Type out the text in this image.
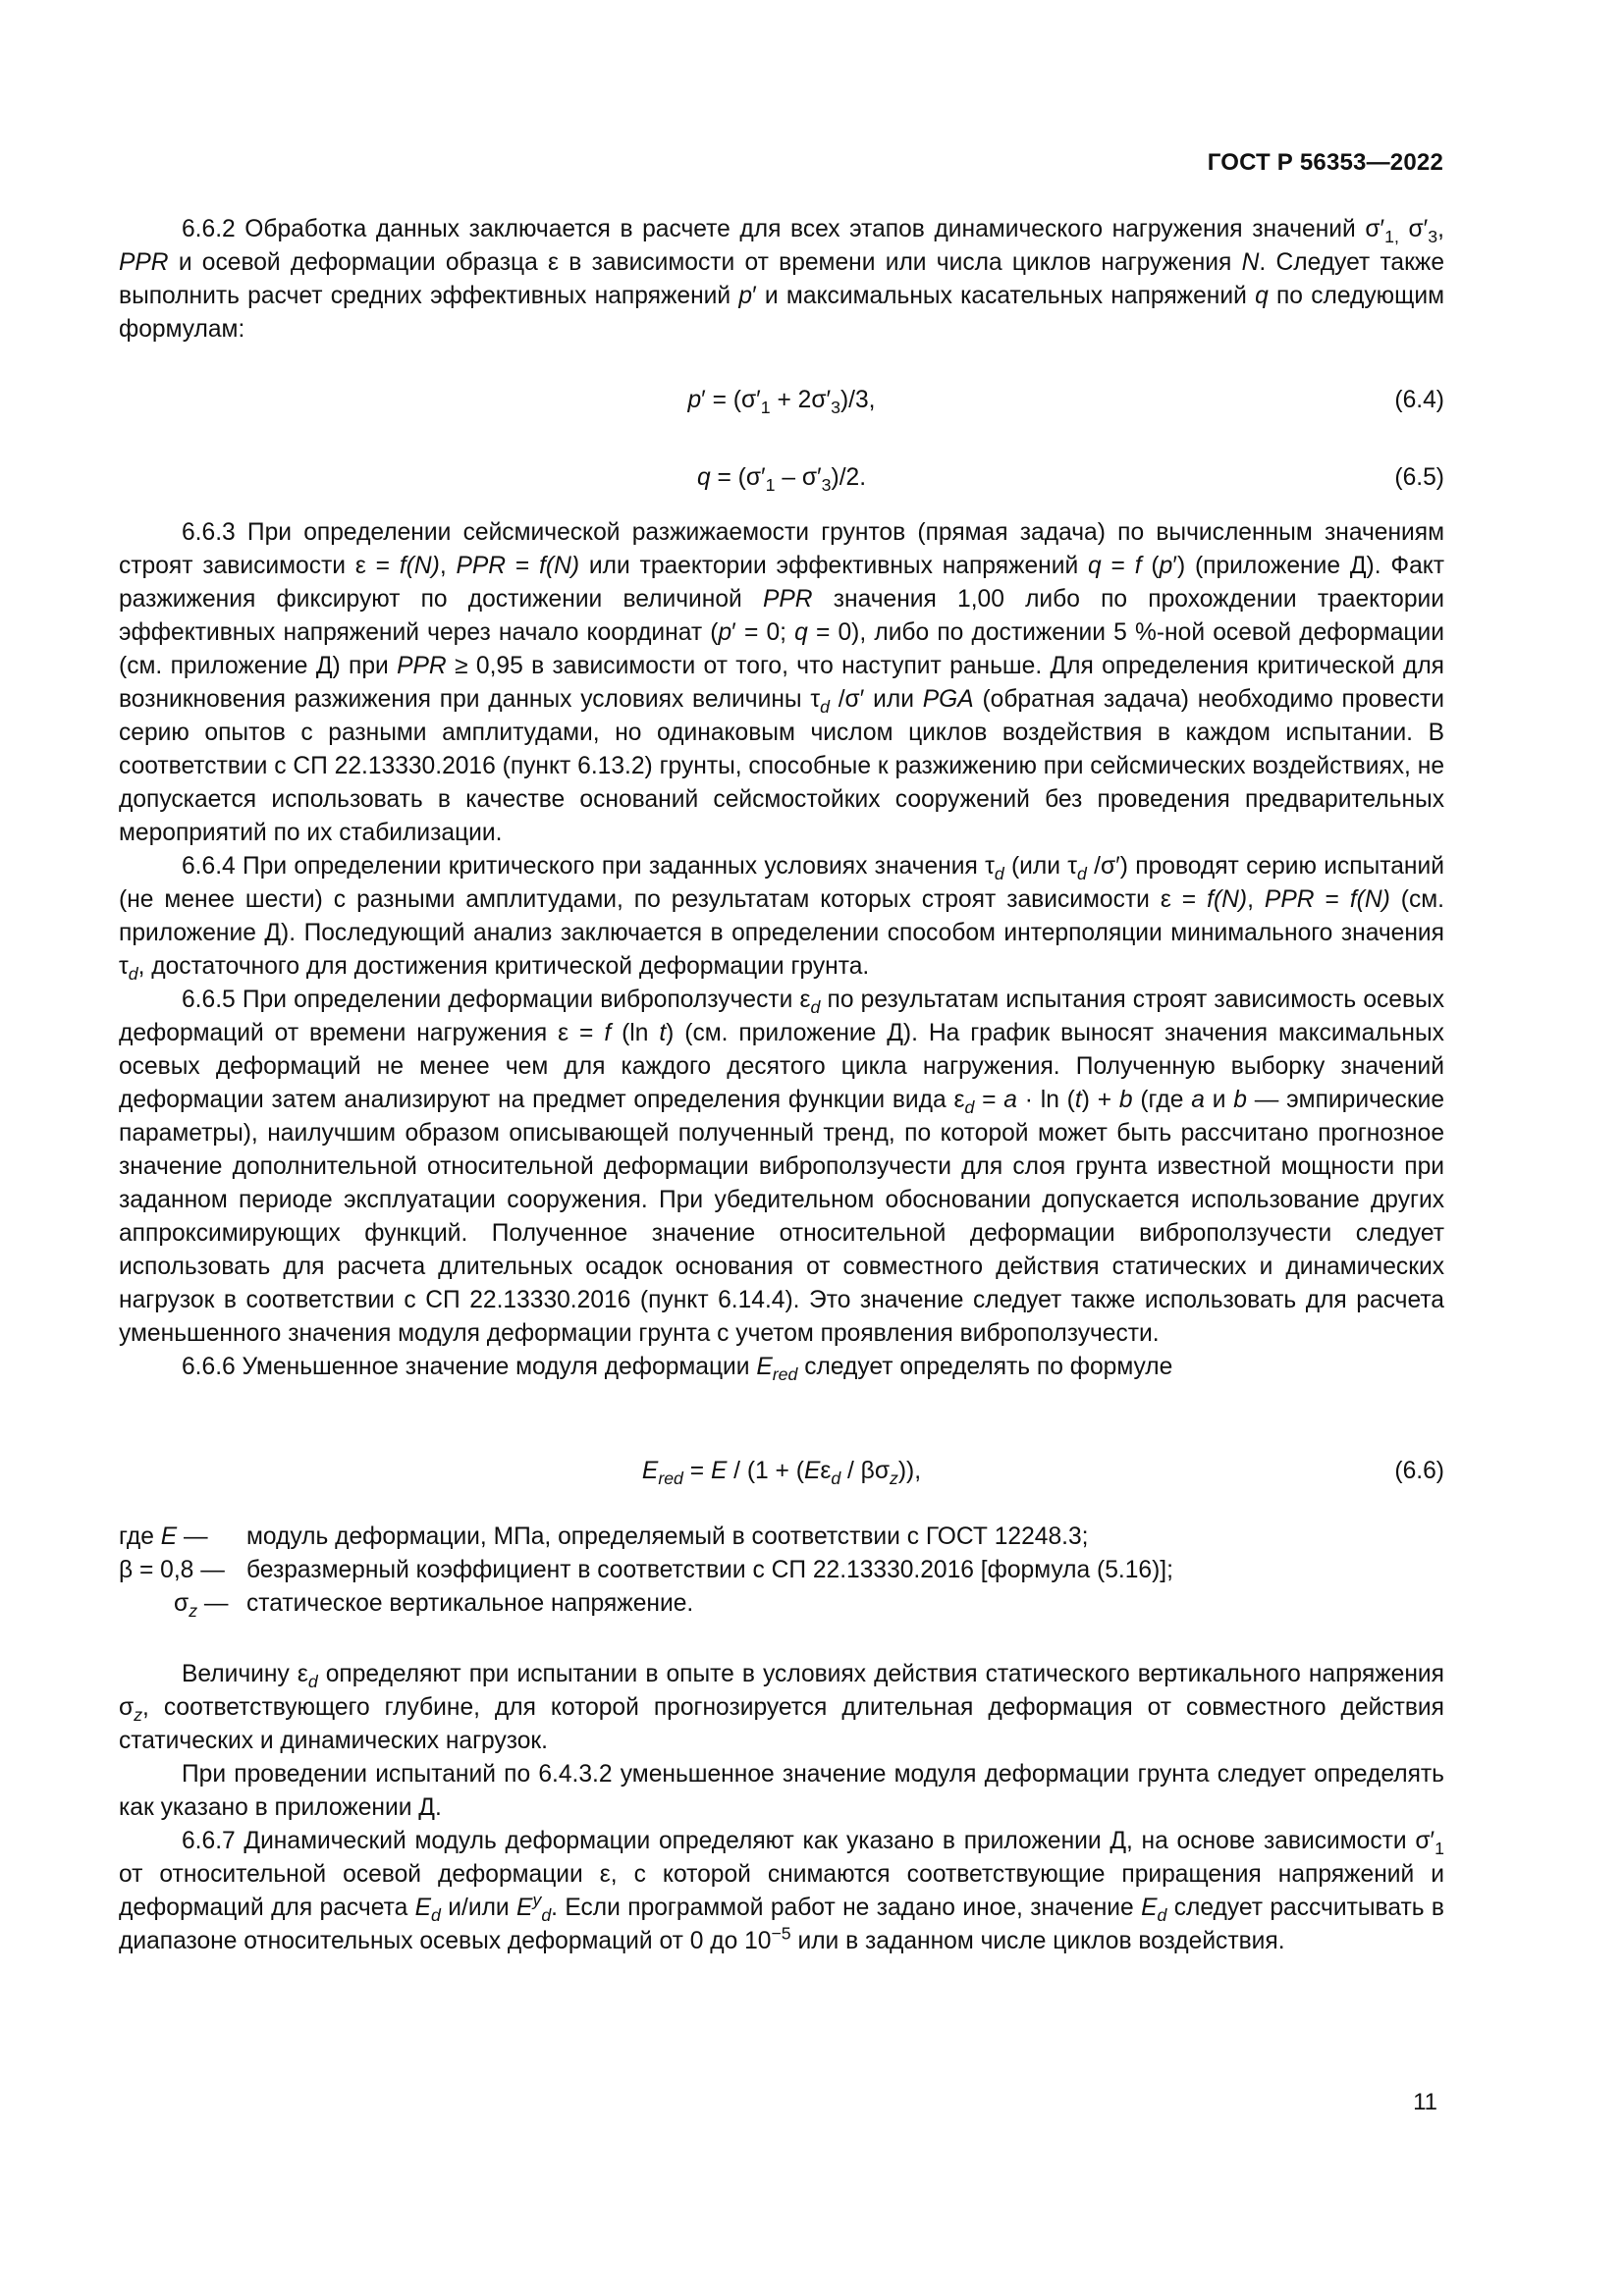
ГОСТ Р 56353—2022

6.6.2 Обработка данных заключается в расчете для всех этапов динамического нагружения значений $\sigma'_{1,}$ $\sigma'_3$, PPR и осевой деформации образца ε в зависимости от времени или числа циклов нагружения N. Следует также выполнить расчет средних эффективных напряжений p′ и максимальных касательных напряжений q по следующим формулам:

$p' = (\sigma'_1 + 2\sigma'_3)/3$,	(6.4)
$q = (\sigma'_1 - \sigma'_3)/2$.	(6.5)

6.6.3 При определении сейсмической разжижаемости грунтов (прямая задача) по вычисленным значениям строят зависимости ε = f(N), PPR = f(N) или траектории эффективных напряжений q = f (p′) (приложение Д). Факт разжижения фиксируют по достижении величиной PPR значения 1,00 либо по прохождении траектории эффективных напряжений через начало координат (p′ = 0; q = 0), либо по достижении 5 %-ной осевой деформации (см. приложение Д) при PPR ≥ 0,95 в зависимости от того, что наступит раньше. Для определения критической для возникновения разжижения при данных условиях величины $\tau_d$ /σ′ или PGA (обратная задача) необходимо провести серию опытов с разными амплитудами, но одинаковым числом циклов воздействия в каждом испытании. В соответствии с СП 22.13330.2016 (пункт 6.13.2) грунты, способные к разжижению при сейсмических воздействиях, не допускается использовать в качестве оснований сейсмостойких сооружений без проведения предварительных мероприятий по их стабилизации.

6.6.4 При определении критического при заданных условиях значения $\tau_d$ (или $\tau_d$ /σ′) проводят серию испытаний (не менее шести) с разными амплитудами, по результатам которых строят зависимости ε = f(N), PPR = f(N) (см. приложение Д). Последующий анализ заключается в определении способом интерполяции минимального значения $\tau_d$, достаточного для достижения критической деформации грунта.

6.6.5 При определении деформации виброползучести $\varepsilon_d$ по результатам испытания строят зависимость осевых деформаций от времени нагружения ε = f (ln t) (см. приложение Д). На график выносят значения максимальных осевых деформаций не менее чем для каждого десятого цикла нагружения. Полученную выборку значений деформации затем анализируют на предмет определения функции вида $\varepsilon_d = a \cdot \ln (t) + b$ (где a и b — эмпирические параметры), наилучшим образом описывающей полученный тренд, по которой может быть рассчитано прогнозное значение дополнительной относительной деформации виброползучести для слоя грунта известной мощности при заданном периоде эксплуатации сооружения. При убедительном обосновании допускается использование других аппроксимирующих функций. Полученное значение относительной деформации виброползучести следует использовать для расчета длительных осадок основания от совместного действия статических и динамических нагрузок в соответствии с СП 22.13330.2016 (пункт 6.14.4). Это значение следует также использовать для расчета уменьшенного значения модуля деформации грунта с учетом проявления виброползучести.

6.6.6 Уменьшенное значение модуля деформации $E_{red}$ следует определять по формуле

$E_{red} = E / (1 + (E\varepsilon_d / \beta\sigma_z))$,	(6.6)
где E — модуль деформации, МПа, определяемый в соответствии с ГОСТ 12248.3;
β = 0,8 — безразмерный коэффициент в соответствии с СП 22.13330.2016 [формула (5.16)];
$\sigma_z$ — статическое вертикальное напряжение.

Величину $\varepsilon_d$ определяют при испытании в опыте в условиях действия статического вертикального напряжения $\sigma_z$, соответствующего глубине, для которой прогнозируется длительная деформация от совместного действия статических и динамических нагрузок.

При проведении испытаний по 6.4.3.2 уменьшенное значение модуля деформации грунта следует определять как указано в приложении Д.

6.6.7 Динамический модуль деформации определяют как указано в приложении Д, на основе зависимости $\sigma'_1$ от относительной осевой деформации ε, с которой снимаются соответствующие приращения напряжений и деформаций для расчета $E_d$ и/или $E^y_d$. Если программой работ не задано иное, значение $E_d$ следует рассчитывать в диапазоне относительных осевых деформаций от 0 до $10^{-5}$ или в заданном числе циклов воздействия.

11
